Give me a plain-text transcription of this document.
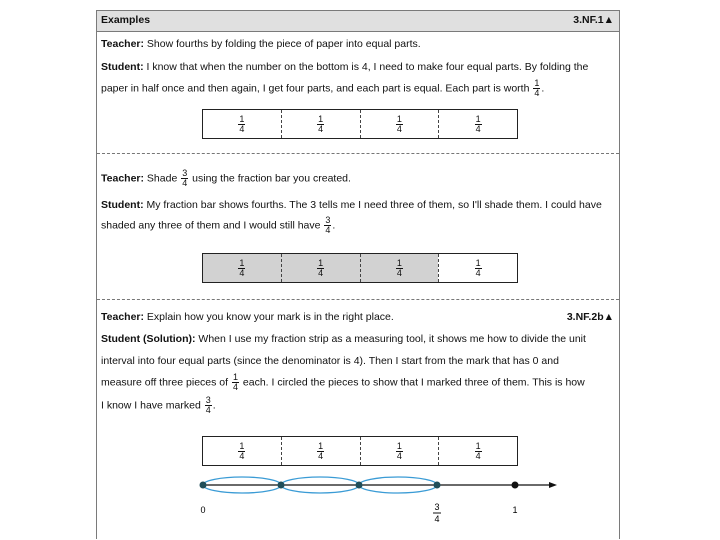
Examples	3.NF.1▲
Teacher: Show fourths by folding the piece of paper into equal parts.
Student: I know that when the number on the bottom is 4, I need to make four equal parts. By folding the
paper in half once and then again, I get four parts, and each part is equal. Each part is worth $\frac{1}{4}$ .
$\frac{1}{4}$	$\frac{1}{4}$	$\frac{1}{4}$	$\frac{1}{4}$
Teacher: Shade $\frac{3}{4}$ using the fraction bar you created.
Student: My fraction bar shows fourths. The 3 tells me I need three of them, so I'll shade them. I could have
shaded any three of them and I would still have $\frac{3}{4}$ .
$\frac{1}{4}$	$\frac{1}{4}$	$\frac{1}{4}$	$\frac{1}{4}$
Teacher: Explain how you know your mark is in the right place.	3.NF.2b▲
Student (Solution): When I use my fraction strip as a measuring tool, it shows me how to divide the unit
interval into four equal parts (since the denominator is 4). Then I start from the mark that has 0 and
measure off three pieces of $\frac{1}{4}$ each. I circled the pieces to show that I marked three of them. This is how
I know I have marked $\frac{3}{4}$ .
$\frac{1}{4}$	$\frac{1}{4}$	$\frac{1}{4}$	$\frac{1}{4}$
0	1
3
4
